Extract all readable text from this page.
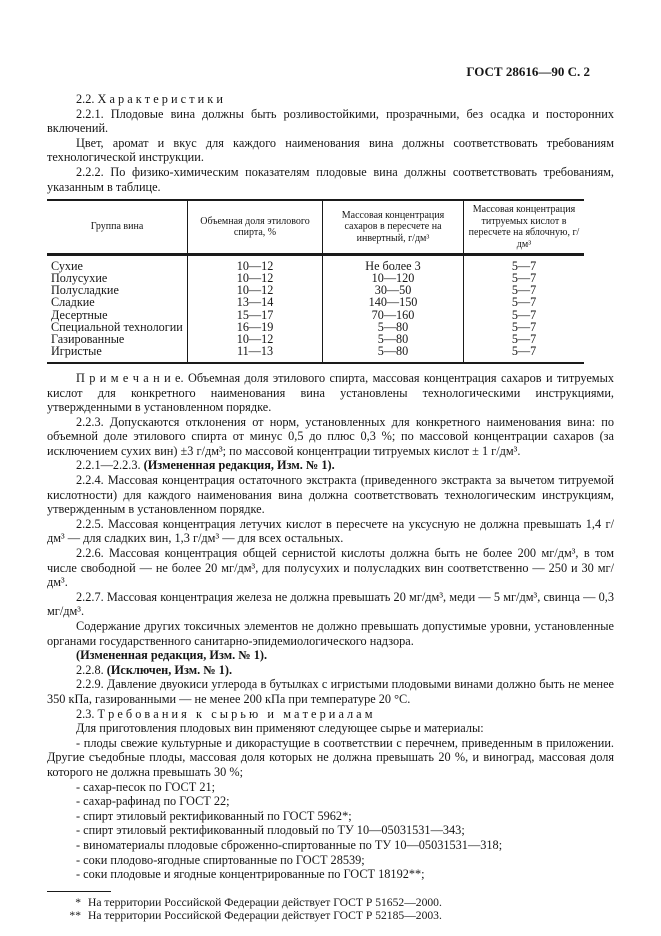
ГОСТ 28616—90 С. 2

2.2. Х а р а к т е р и с т и к и

2.2.1. Плодовые вина должны быть розливостойкими, прозрачными, без осадка и посторонних включений.

Цвет, аромат и вкус для каждого наименования вина должны соответствовать требованиям технологической инструкции.

2.2.2. По физико-химическим показателям плодовые вина должны соответствовать требованиям, указанным в таблице.

Группа вина	Объемная доля этилового спирта, %	Массовая концентрация сахаров в пересчете на инвертный, г/дм³	Массовая концентрация титруемых кислот в пересчете на яблочную, г/дм³
Сухие	10—12	Не более 3	5—7
Полусухие	10—12	10—120	5—7
Полусладкие	10—12	30—50	5—7
Сладкие	13—14	140—150	5—7
Десертные	15—17	70—160	5—7
Специальной технологии	16—19	5—80	5—7
Газированные	10—12	5—80	5—7
Игристые	11—13	5—80	5—7

П р и м е ч а н и е. Объемная доля этилового спирта, массовая концентрация сахаров и титруемых кислот для конкретного наименования вина установлены технологическими инструкциями, утвержденными в установленном порядке.

2.2.3. Допускаются отклонения от норм, установленных для конкретного наименования вина: по объемной доле этилового спирта от минус 0,5 до плюс 0,3 %; по массовой концентрации сахаров (за исключением сухих вин) ±3 г/дм³; по массовой концентрации титруемых кислот ± 1 г/дм³.

2.2.1—2.2.3. (Измененная редакция, Изм. № 1).

2.2.4. Массовая концентрация остаточного экстракта (приведенного экстракта за вычетом титруемой кислотности) для каждого наименования вина должна соответствовать технологическим инструкциям, утвержденным в установленном порядке.

2.2.5. Массовая концентрация летучих кислот в пересчете на уксусную не должна превышать 1,4 г/дм³ — для сладких вин, 1,3 г/дм³ — для всех остальных.

2.2.6. Массовая концентрация общей сернистой кислоты должна быть не более 200 мг/дм³, в том числе свободной — не более 20 мг/дм³, для полусухих и полусладких вин соответственно — 250 и 30 мг/дм³.

2.2.7. Массовая концентрация железа не должна превышать 20 мг/дм³, меди — 5 мг/дм³, свинца — 0,3 мг/дм³.

Содержание других токсичных элементов не должно превышать допустимые уровни, установленные органами государственного санитарно-эпидемиологического надзора.

(Измененная редакция, Изм. № 1).

2.2.8. (Исключен, Изм. № 1).

2.2.9. Давление двуокиси углерода в бутылках с игристыми плодовыми винами должно быть не менее 350 кПа, газированными — не менее 200 кПа при температуре 20 °С.

2.3. Т р е б о в а н и я   к   с ы р ь ю   и   м а т е р и а л а м

Для приготовления плодовых вин применяют следующее сырье и материалы:

- плоды свежие культурные и дикорастущие в соответствии с перечнем, приведенным в приложении. Другие съедобные плоды, массовая доля которых не должна превышать 20 %, и виноград, массовая доля которого не должна превышать 30 %;

- сахар-песок по ГОСТ 21;

- сахар-рафинад по ГОСТ 22;

- спирт этиловый ректификованный по ГОСТ 5962*;

- спирт этиловый ректификованный плодовый по ТУ 10—05031531—343;

- виноматериалы плодовые сброженно-спиртованные по ТУ 10—05031531—318;

- соки плодово-ягодные спиртованные по ГОСТ 28539;

- соки плодовые и ягодные концентрированные по ГОСТ 18192**;

* На территории Российской Федерации действует ГОСТ Р 51652—2000.

** На территории Российской Федерации действует ГОСТ Р 52185—2003.
